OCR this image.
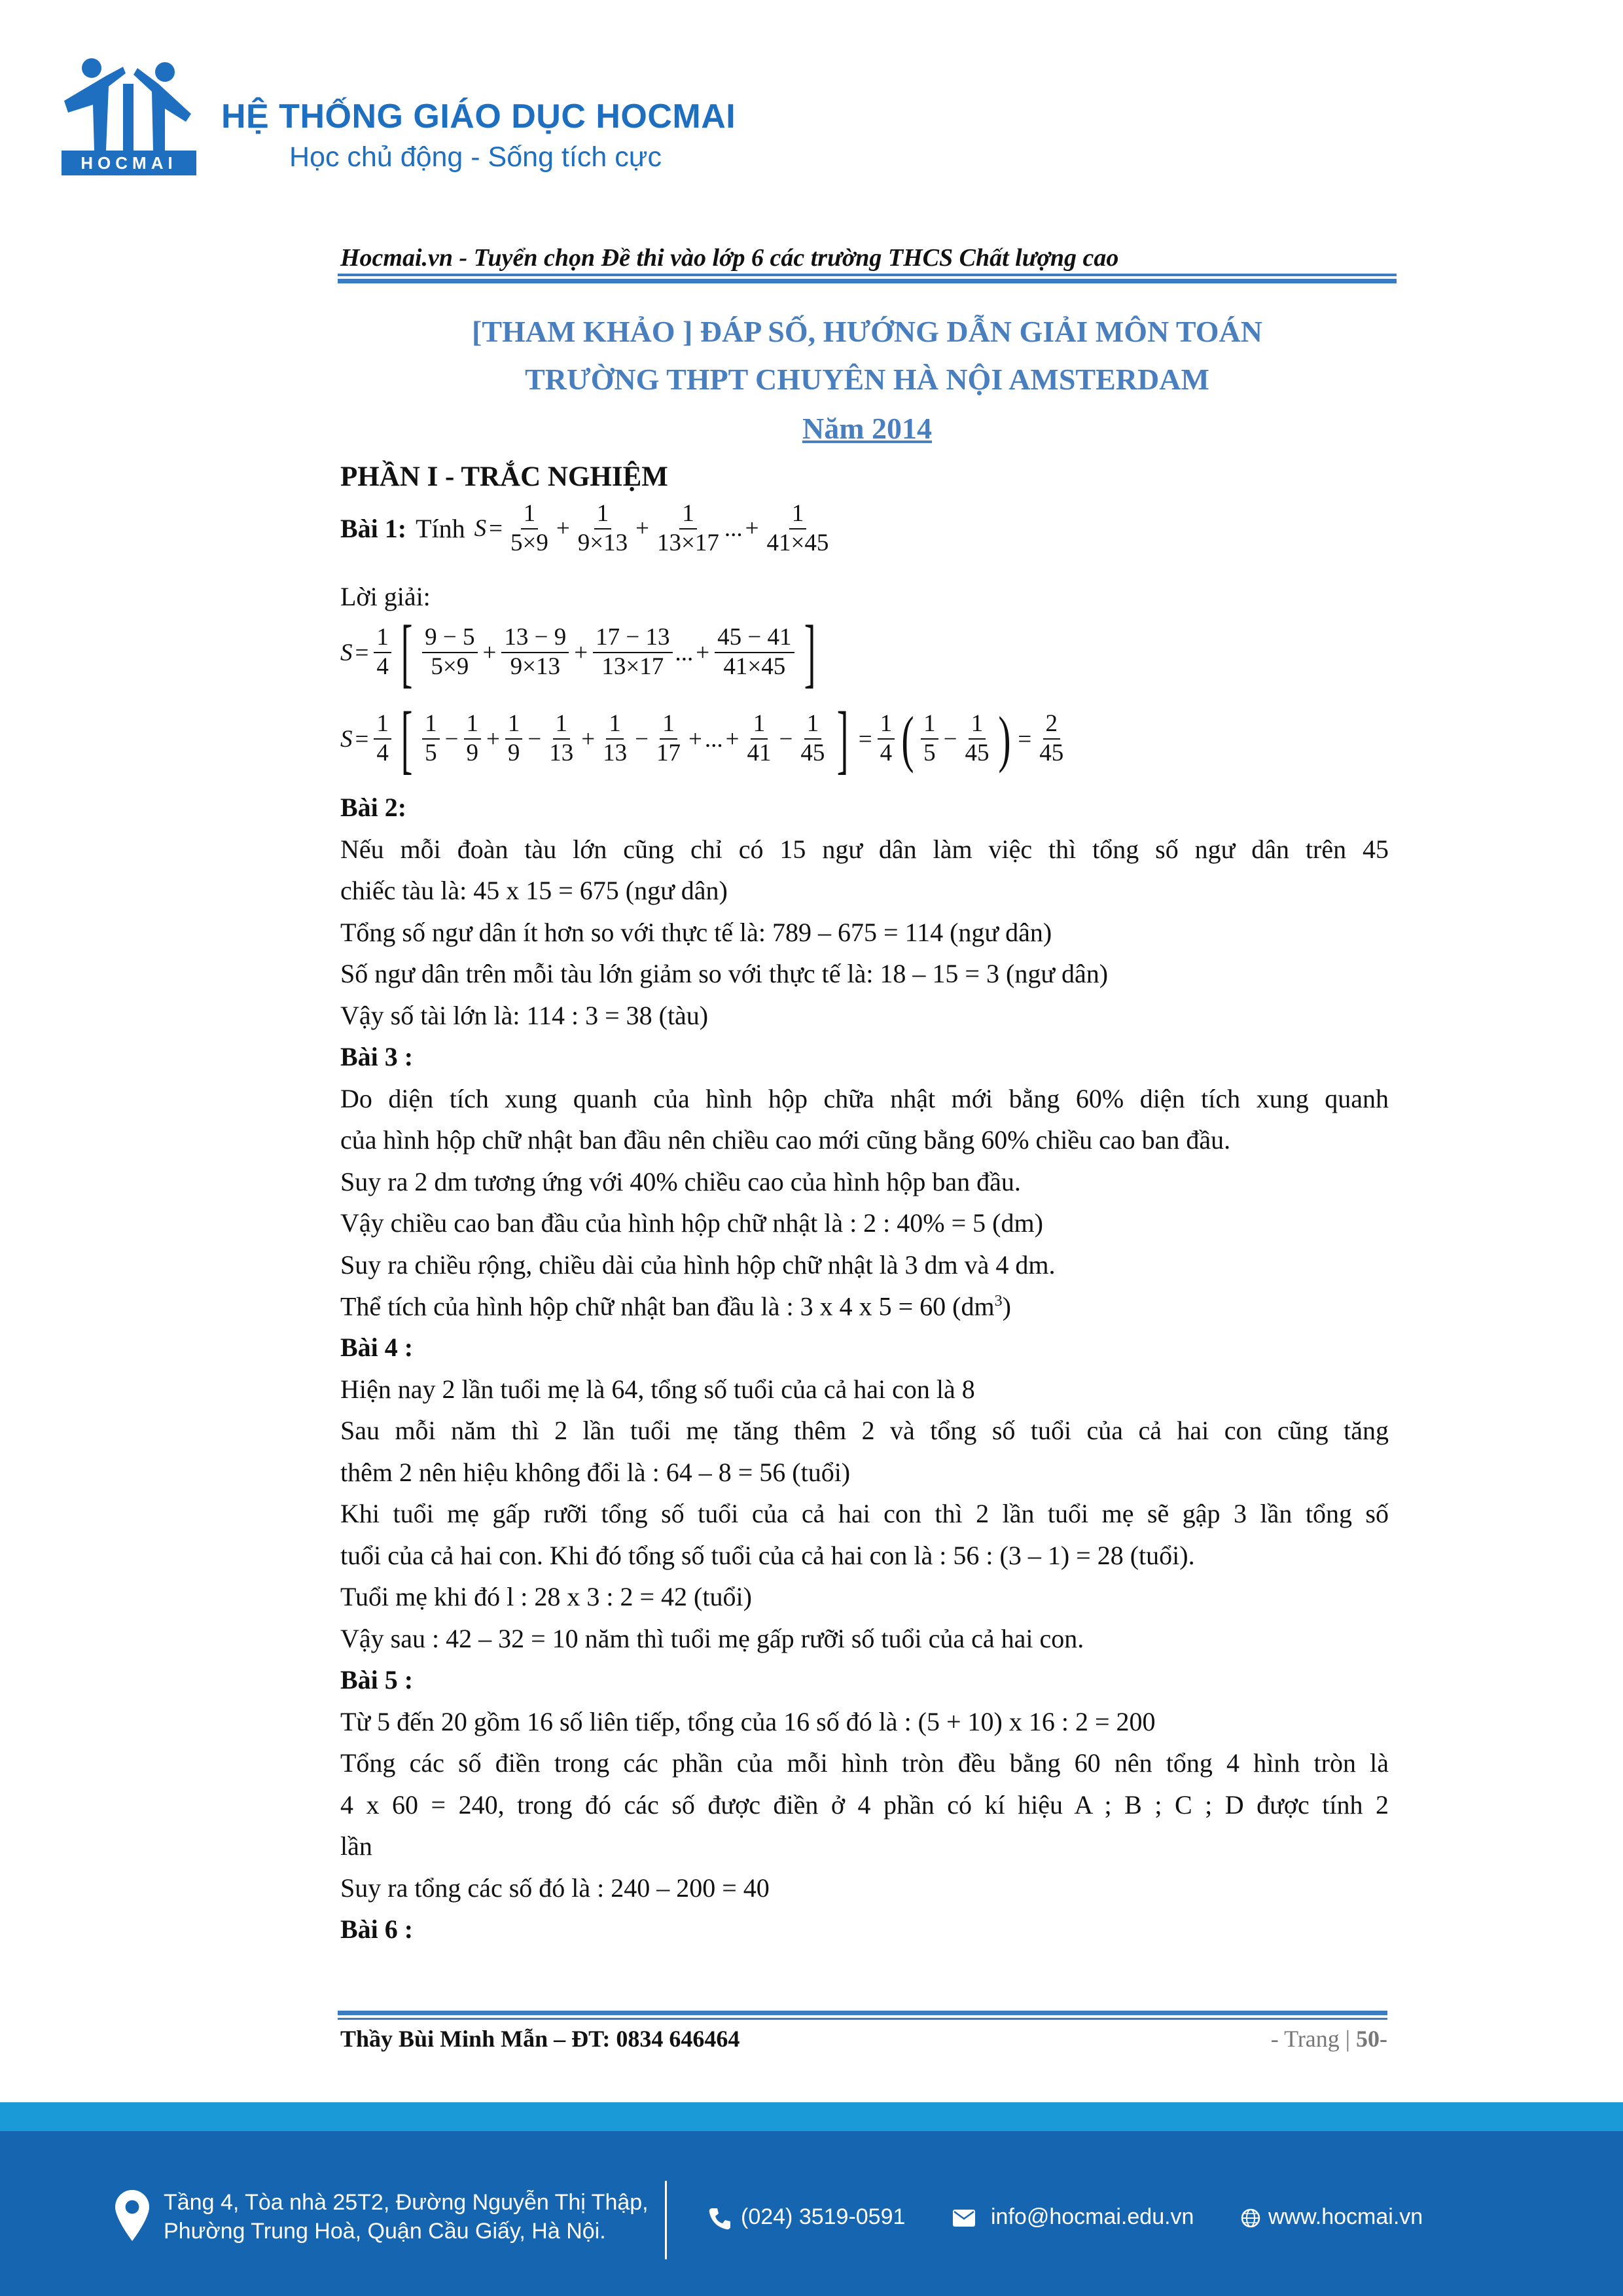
HOCMAI
HỆ THỐNG GIÁO DỤC HOCMAI
Học chủ động - Sống tích cực
Hocmai.vn - Tuyển chọn Đề thi vào lớp 6 các trường THCS Chất lượng cao
[THAM KHẢO ] ĐÁP SỐ, HƯỚNG DẪN GIẢI MÔN TOÁN
TRƯỜNG THPT CHUYÊN HÀ NỘI AMSTERDAM
Năm 2014
PHẦN I - TRẮC NGHIỆM
Bài 1: Tính $S = \frac{1}{5\times 9} + \frac{1}{9\times 13} + \frac{1}{13\times 17}$ ... + $\frac{1}{41\times 45}$
Lời giải:
$S = \frac{1}{4}$ [ $\frac{9 - 5}{5\times 9} + \frac{13 - 9}{9\times 13} + \frac{17 - 13}{13\times 17}$ ... + $\frac{45 - 41}{41\times 45}$ ]
$S = \frac{1}{4}$ [ $\frac{1}{5} - \frac{1}{9} + \frac{1}{9} - \frac{1}{13} + \frac{1}{13} - \frac{1}{17}$ + ... + $\frac{1}{41} - \frac{1}{45}$ ] = $\frac{1}{4}$ ( $\frac{1}{5} - \frac{1}{45}$ ) = $\frac{2}{45}$
Bài 2:
Nếu mỗi đoàn tàu lớn cũng chỉ có 15 ngư dân làm việc thì tổng số ngư dân trên 45
chiếc tàu là: 45 x 15 = 675 (ngư dân)
Tổng số ngư dân ít hơn so với thực tế là: 789 – 675 = 114 (ngư dân)
Số ngư dân trên mỗi tàu lớn giảm so với thực tế là: 18 – 15 = 3 (ngư dân)
Vậy số tài lớn là: 114 : 3 = 38 (tàu)
Bài 3 :
Do diện tích xung quanh của hình hộp chữa nhật mới bằng 60% diện tích xung quanh
của hình hộp chữ nhật ban đầu nên chiều cao mới cũng bằng 60% chiều cao ban đầu.
Suy ra 2 dm tương ứng với 40% chiều cao của hình hộp ban đầu.
Vậy chiều cao ban đầu của hình hộp chữ nhật là : 2 : 40% = 5 (dm)
Suy ra chiều rộng, chiều dài của hình hộp chữ nhật là 3 dm và 4 dm.
Thể tích của hình hộp chữ nhật ban đầu là : 3 x 4 x 5 = 60 $(dm^3)$
Bài 4 :
Hiện nay 2 lần tuổi mẹ là 64, tổng số tuổi của cả hai con là 8
Sau mỗi năm thì 2 lần tuổi mẹ tăng thêm 2 và tổng số tuổi của cả hai con cũng tăng
thêm 2 nên hiệu không đổi là : 64 – 8 = 56 (tuổi)
Khi tuổi mẹ gấp rưỡi tổng số tuổi của cả hai con thì 2 lần tuổi mẹ sẽ gập 3 lần tổng số
tuổi của cả hai con. Khi đó tổng số tuổi của cả hai con là : 56 : (3 – 1) = 28 (tuổi).
Tuổi mẹ khi đó l : 28 x 3 : 2 = 42 (tuổi)
Vậy sau : 42 – 32 = 10 năm thì tuổi mẹ gấp rưỡi số tuổi của cả hai con.
Bài 5 :
Từ 5 đến 20 gồm 16 số liên tiếp, tổng của 16 số đó là : (5 + 10) x 16 : 2 = 200
Tổng các số điền trong các phần của mỗi hình tròn đều bằng 60 nên tổng 4 hình tròn là
4 x 60 = 240, trong đó các số được điền ở 4 phần có kí hiệu A ; B ; C ; D được tính 2
lần
Suy ra tổng các số đó là : 240 – 200 = 40
Bài 6 :
Thầy Bùi Minh Mẫn – ĐT: 0834 646464	- Trang | 50-
Tầng 4, Tòa nhà 25T2, Đường Nguyễn Thị Thập,
Phường Trung Hoà, Quận Cầu Giấy, Hà Nội.
(024) 3519-0591	info@hocmai.edu.vn	www.hocmai.vn
